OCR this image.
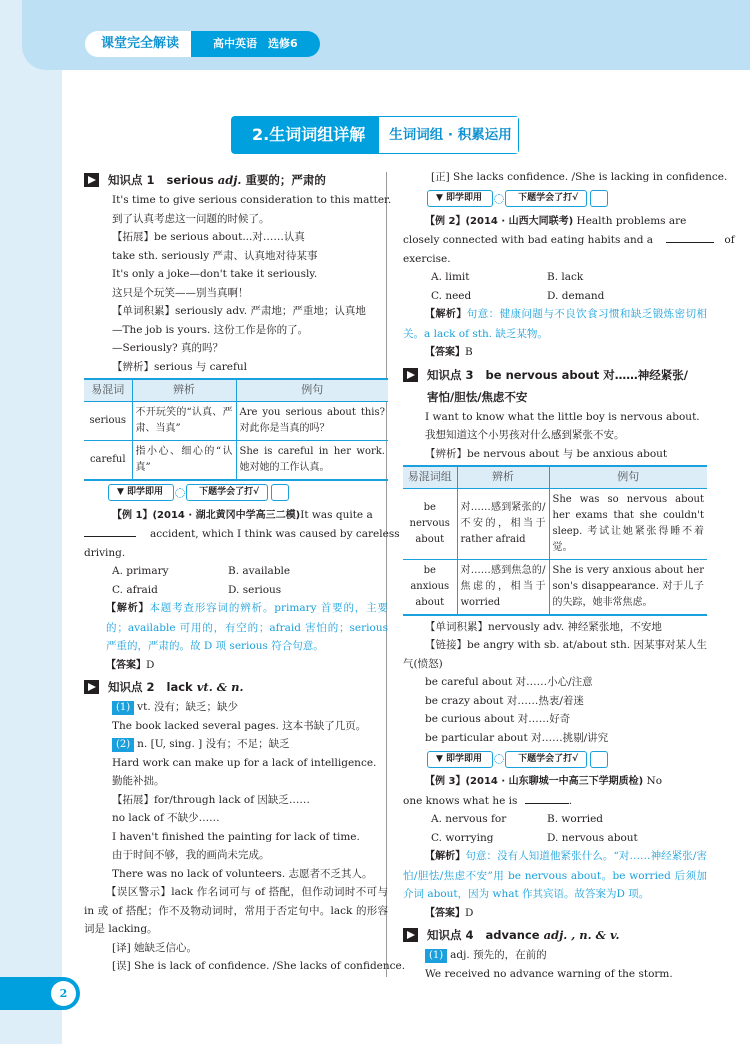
课堂完全解读	高中英语　选修6
2.生词词组详解	生词词组 · 积累运用
知识点 1
serious
adj.
重要的；严肃的
It's time to give serious consideration to this matter.
到了认真考虑这一问题的时候了。
【拓展】be serious about...对……认真
take sth. seriously 严肃、认真地对待某事
It's only a joke—don't take it seriously.
这只是个玩笑——别当真啊！
【单词积累】seriously adv. 严肃地；严重地；认真地
—The job is yours. 这份工作是你的了。
—Seriously? 真的吗？
【辨析】serious 与 careful
易混词	辨析	例句
serious	不开玩笑的“认真、严肃、当真”	Are you serious about this? 对此你是当真的吗？
careful	指小心、细心的“认真”	She is careful in her work. 她对她的工作认真。
▼ 即学即用	下题学会了打√
【例 1】(2014 · 湖北黄冈中学高三二模)It was quite a
accident, which I think was caused by careless
driving.
A. primary	B. available
C. afraid	D. serious
【解析】本题考查形容词的辨析。primary 首要的，主要的；available 可用的，有空的；afraid 害怕的；serious 严重的，严肃的。故 D 项 serious 符合句意。
【答案】D
知识点 2
lack
vt. & n.
(1) vt. 没有；缺乏；缺少
The book lacked several pages. 这本书缺了几页。
(2) n. [U, sing. ] 没有；不足；缺乏
Hard work can make up for a lack of intelligence.
勤能补拙。
【拓展】for/through lack of 因缺乏……
no lack of 不缺少……
I haven't finished the painting for lack of time.
由于时间不够，我的画尚未完成。
There was no lack of volunteers. 志愿者不乏其人。
【误区警示】lack 作名词可与 of 搭配，但作动词时不可与 in 或 of 搭配；作不及物动词时，常用于否定句中。lack 的形容词是 lacking。
[译] 她缺乏信心。
[误] She is lack of confidence. /She lacks of confidence.
[正] She lacks confidence. /She is lacking in confidence.
▼ 即学即用	下题学会了打√
【例 2】(2014 · 山西大同联考) Health problems are
closely connected with bad eating habits and a	of
exercise.
A. limit	B. lack
C. need	D. demand
【解析】句意：健康问题与不良饮食习惯和缺乏锻炼密切相关。a lack of sth. 缺乏某物。
【答案】B
知识点 3
be nervous about
对……神经紧张/
害怕/胆怯/焦虑不安
I want to know what the little boy is nervous about.
我想知道这个小男孩对什么感到紧张不安。
【辨析】be nervous about 与 be anxious about
易混词组	辨析	例句
be nervous about	对……感到紧张的/不安的，相当于 rather afraid	She was so nervous about her exams that she couldn't sleep. 考试让她紧张得睡不着觉。
be anxious about	对……感到焦急的/焦虑的，相当于 worried	She is very anxious about her son's disappearance. 对于儿子的失踪，她非常焦虑。
【单词积累】nervously adv. 神经紧张地，不安地
【链接】be angry with sb. at/about sth. 因某事对某人生气(愤怒)
be careful about 对……小心/注意
be crazy about 对……热衷/着迷
be curious about 对……好奇
be particular about 对……挑剔/讲究
▼ 即学即用	下题学会了打√
【例 3】(2014 · 山东聊城一中高三下学期质检) No
one knows what he is	.
A. nervous for	B. worried
C. worrying	D. nervous about
【解析】句意：没有人知道他紧张什么。“对……神经紧张/害怕/胆怯/焦虑不安”用 be nervous about。be worried 后须加介词 about，因为 what 作其宾语。故答案为D 项。
【答案】D
知识点 4
advance
adj. , n. & v.
(1) adj. 预先的，在前的
We received no advance warning of the storm.
2
